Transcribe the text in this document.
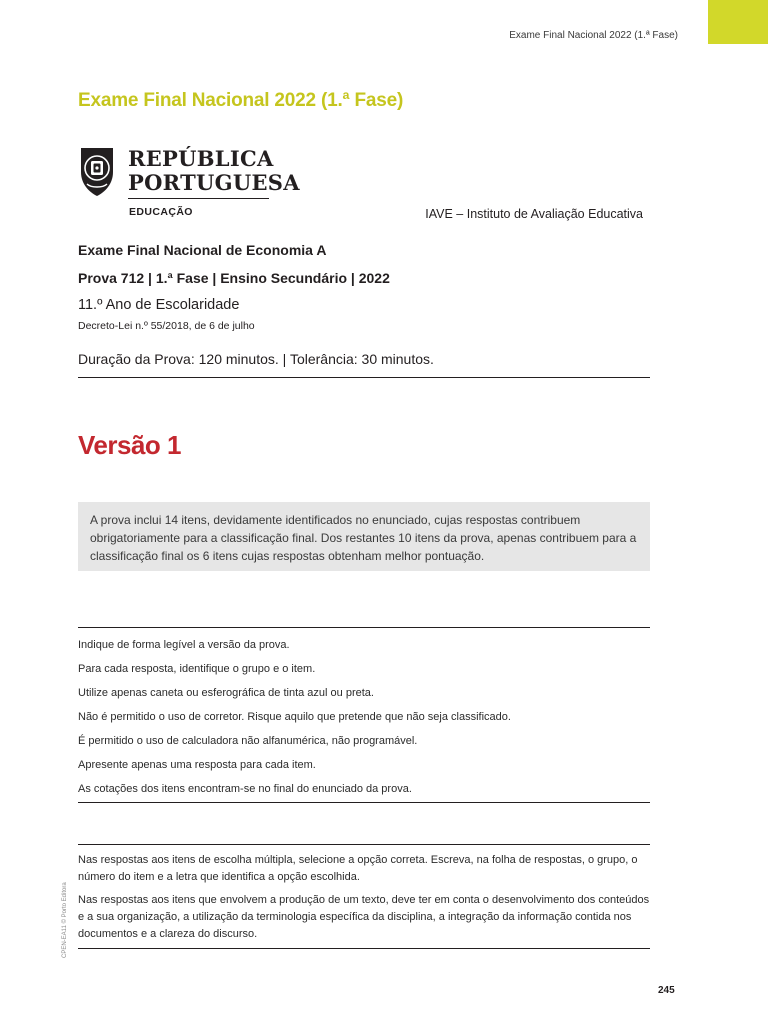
Exame Final Nacional 2022 (1.ª Fase)
Exame Final Nacional 2022 (1.ª Fase)
REPÚBLICA
PORTUGUESA
EDUCAÇÃO	IAVE – Instituto de Avaliação Educativa
Exame Final Nacional de Economia A
Prova 712 | 1.ª Fase | Ensino Secundário | 2022
11.º Ano de Escolaridade
Decreto-Lei n.º 55/2018, de 6 de julho
Duração da Prova: 120 minutos. | Tolerância: 30 minutos.
Versão 1
A prova inclui 14 itens, devidamente identificados no enunciado, cujas respostas contribuem obrigatoriamente para a classificação final. Dos restantes 10 itens da prova, apenas contribuem para a classificação final os 6 itens cujas respostas obtenham melhor pontuação.
Indique de forma legível a versão da prova.
Para cada resposta, identifique o grupo e o item.
Utilize apenas caneta ou esferográfica de tinta azul ou preta.
Não é permitido o uso de corretor. Risque aquilo que pretende que não seja classificado.
É permitido o uso de calculadora não alfanumérica, não programável.
Apresente apenas uma resposta para cada item.
As cotações dos itens encontram-se no final do enunciado da prova.

Nas respostas aos itens de escolha múltipla, selecione a opção correta. Escreva, na folha de respostas, o grupo, o número do item e a letra que identifica a opção escolhida.

Nas respostas aos itens que envolvem a produção de um texto, deve ter em conta o desenvolvimento dos conteúdos e a sua organização, a utilização da terminologia específica da disciplina, a integração da informação contida nos documentos e a clareza do discurso.

CPEN-EA11 © Porto Editora
245
